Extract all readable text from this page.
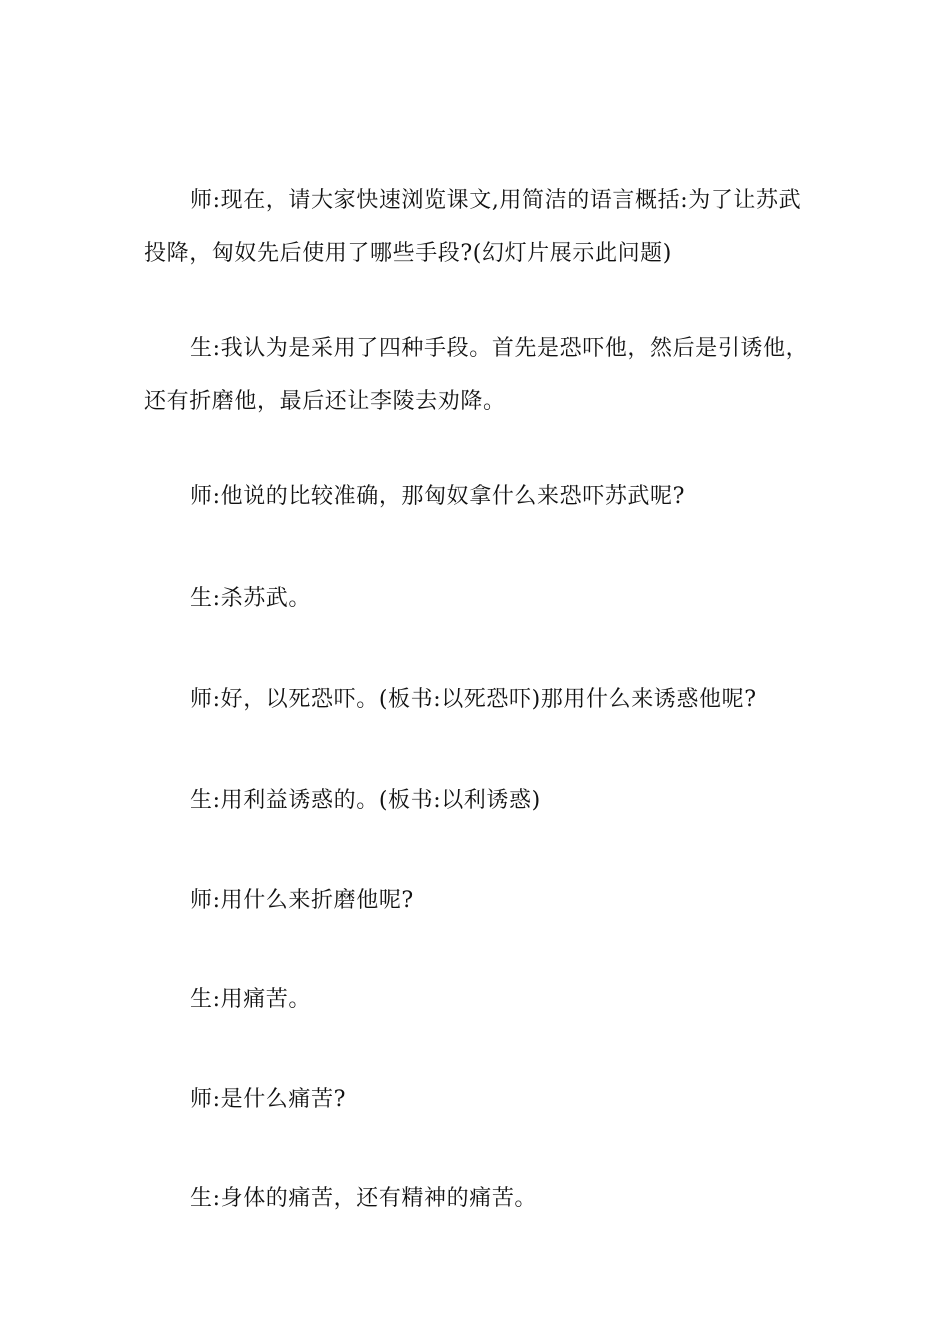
师:现在，请大家快速浏览课文,用简洁的语言概括:为了让苏武投降，匈奴先后使用了哪些手段?(幻灯片展示此问题)

生:我认为是采用了四种手段。首先是恐吓他，然后是引诱他，还有折磨他，最后还让李陵去劝降。

师:他说的比较准确，那匈奴拿什么来恐吓苏武呢?

生:杀苏武。

师:好，以死恐吓。(板书:以死恐吓)那用什么来诱惑他呢?

生:用利益诱惑的。(板书:以利诱惑)

师:用什么来折磨他呢?

生:用痛苦。

师:是什么痛苦?

生:身体的痛苦，还有精神的痛苦。
